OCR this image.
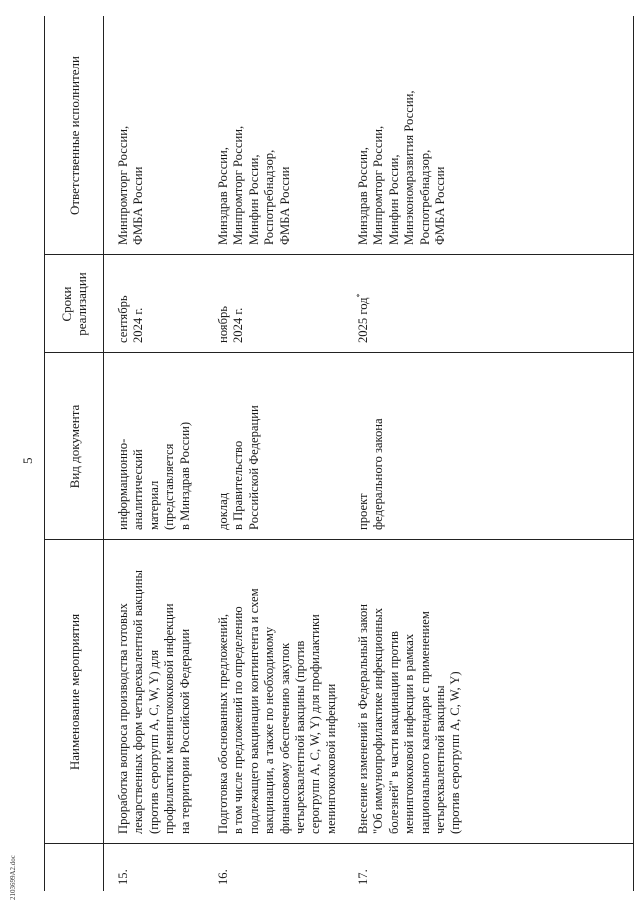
5
Наименование мероприятия
Вид документа
Сроки реализации
Ответственные исполнители
15.
Проработка вопроса производства готовых
лекарственных форм четырехвалентной вакцины
(против серогрупп A, C, W, Y) для
профилактики менингококковой инфекции
на территории Российской Федерации
информационно-
аналитический
материал
(представляется
в Минздрав России)
сентябрь
2024 г.
Минпромторг России,
ФМБА России
16.
Подготовка обоснованных предложений,
в том числе предложений по определению
подлежащего вакцинации контингента и схем
вакцинации, а также по необходимому
финансовому обеспечению закупок
четырехвалентной вакцины (против
серогрупп A, C, W, Y) для профилактики
менингококковой инфекции
доклад
в Правительство
Российской Федерации
ноябрь
2024 г.
Минздрав России,
Минпромторг России,
Минфин России,
Роспотребнадзор,
ФМБА России
17.
Внесение изменений в Федеральный закон
"Об иммунопрофилактике инфекционных
болезней" в части вакцинации против
менингококковой инфекции в рамках
национального календаря с применением
четырехвалентной вакцины
(против серогрупп A, C, W, Y)
проект
федерального закона
2025 год*
Минздрав России,
Минпромторг России,
Минфин России,
Минэкономразвития России,
Роспотребнадзор,
ФМБА России
2103699A2.doc
